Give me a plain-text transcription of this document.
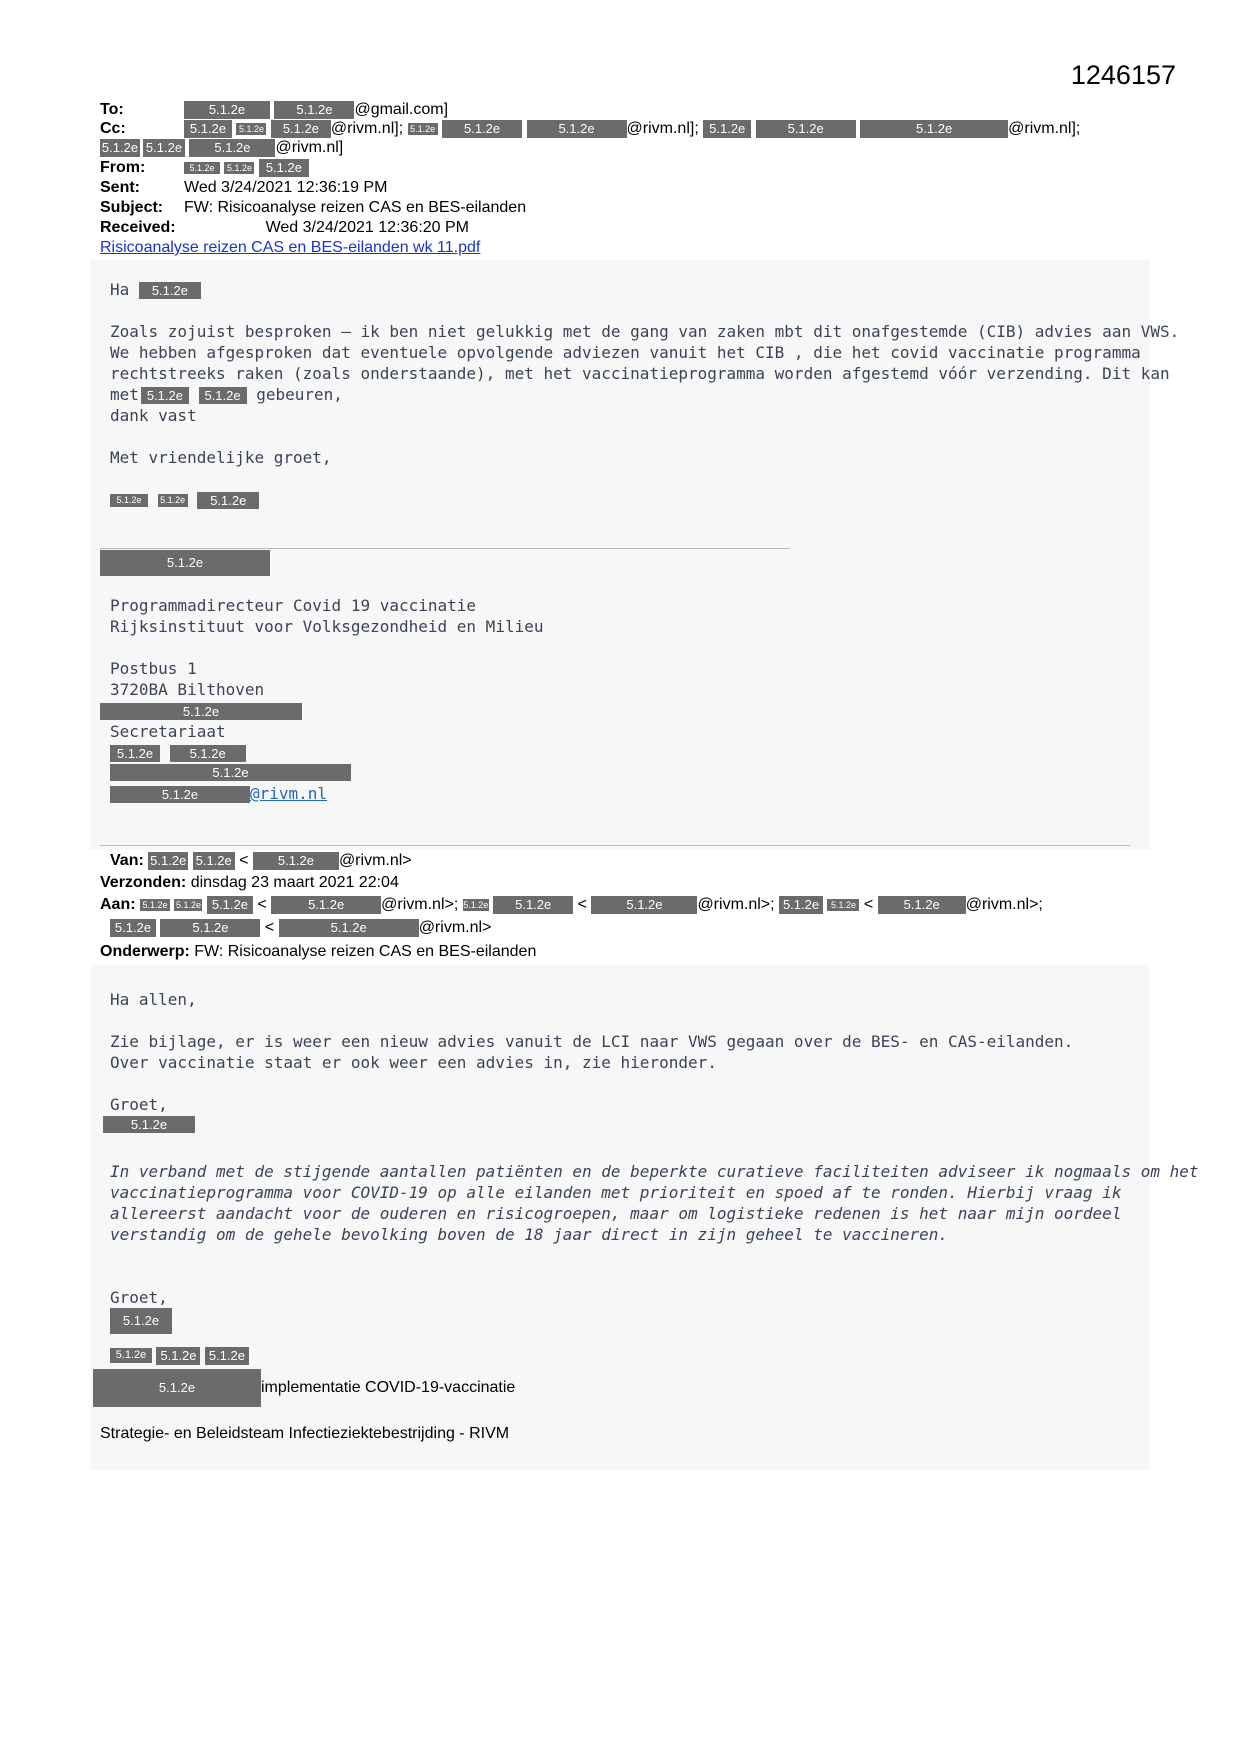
1246157
To:	5.1.2e	5.1.2e @gmail.com]
Cc:	5.1.2e 5.1.2e 5.1.2e @rivm.nl]; 5.1.2e 5.1.2e	5.1.2e @rivm.nl]; 5.1.2e	5.1.2e	5.1.2e	@rivm.nl];
5.1.2e 5.1.2e 5.1.2e @rivm.nl]
From:	5.1.2e 5.1.2e 5.1.2e
Sent:	Wed 3/24/2021 12:36:19 PM
Subject: FW: Risicoanalyse reizen CAS en BES-eilanden
Received:	Wed 3/24/2021 12:36:20 PM
Risicoanalyse reizen CAS en BES-eilanden wk 11.pdf
Ha 5.1.2e
Zoals zojuist besproken – ik ben niet gelukkig met de gang van zaken mbt dit onafgestemde (CIB) advies aan VWS.
We hebben afgesproken dat eventuele opvolgende adviezen vanuit het CIB , die het covid vaccinatie programma
rechtstreeks raken (zoals onderstaande), met het vaccinatieprogramma worden afgestemd vóór verzending. Dit kan
met 5.1.2e 5.1.2e gebeuren,
dank vast
Met vriendelijke groet,
5.1.2e 5.1.2e 5.1.2e
5.1.2e
Programmadirecteur Covid 19 vaccinatie
Rijksinstituut voor Volksgezondheid en Milieu
Postbus 1
3720BA Bilthoven
5.1.2e
Secretariaat
5.1.2e	5.1.2e
5.1.2e
5.1.2e	@rivm.nl
Van: 5.1.2e 5.1.2e < 5.1.2e @rivm.nl>
Verzonden: dinsdag 23 maart 2021 22:04
Aan: 5.1.2e 5.1.2e 5.1.2e <	5.1.2e @rivm.nl>; 5.1.2e 5.1.2e <	5.1.2e @rivm.nl>; 5.1.2e 5.1.2e < 5.1.2e @rivm.nl>;
5.1.2e	5.1.2e <	5.1.2e	@rivm.nl>
Onderwerp: FW: Risicoanalyse reizen CAS en BES-eilanden
Ha allen,
Zie bijlage, er is weer een nieuw advies vanuit de LCI naar VWS gegaan over de BES- en CAS-eilanden.
Over vaccinatie staat er ook weer een advies in, zie hieronder.
Groet,
5.1.2e
In verband met de stijgende aantallen patiënten en de beperkte curatieve faciliteiten adviseer ik nogmaals om het
vaccinatieprogramma voor COVID-19 op alle eilanden met prioriteit en spoed af te ronden. Hierbij vraag ik
allereerst aandacht voor de ouderen en risicogroepen, maar om logistieke redenen is het naar mijn oordeel
verstandig om de gehele bevolking boven de 18 jaar direct in zijn geheel te vaccineren.
Groet,
5.1.2e
5.1.2e 5.1.2e 5.1.2e
5.1.2e	implementatie COVID-19-vaccinatie
Strategie- en Beleidsteam Infectieziektebestrijding - RIVM
